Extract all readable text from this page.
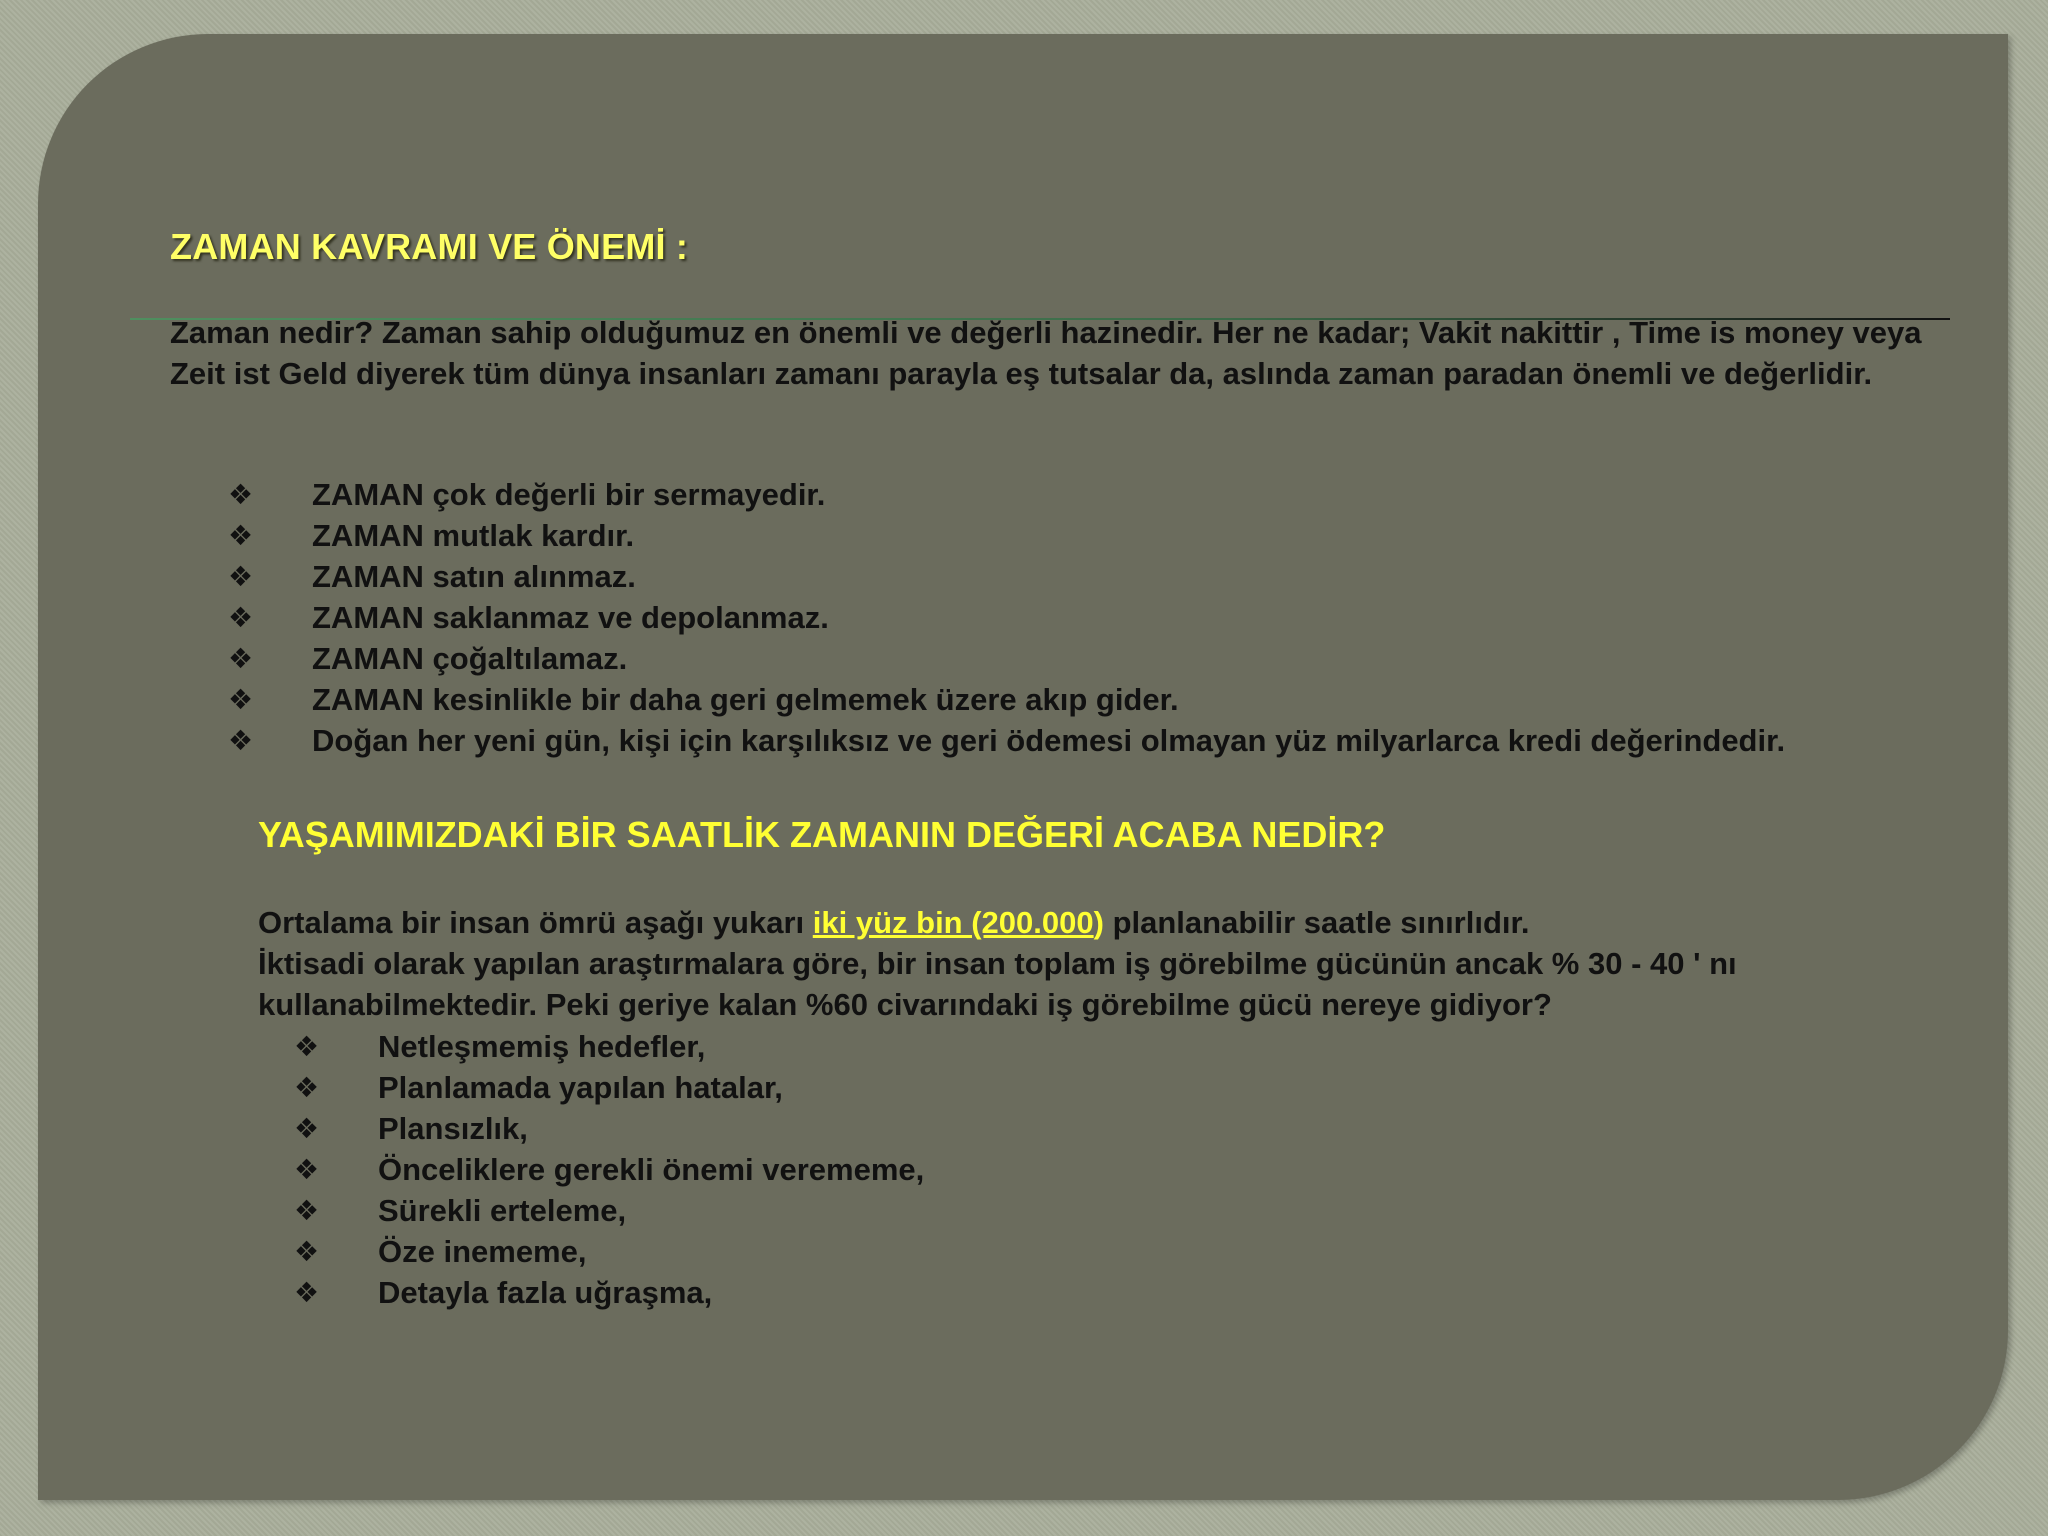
ZAMAN KAVRAMI VE ÖNEMİ :

Zaman nedir? Zaman sahip olduğumuz en önemli ve değerli hazinedir. Her ne kadar; Vakit nakittir , Time is money veya Zeit ist Geld diyerek tüm dünya insanları zamanı parayla eş tutsalar da, aslında zaman paradan önemli ve değerlidir.

❖ ZAMAN çok değerli bir sermayedir.
❖ ZAMAN mutlak kardır.
❖ ZAMAN satın alınmaz.
❖ ZAMAN saklanmaz ve depolanmaz.
❖ ZAMAN çoğaltılamaz.
❖ ZAMAN kesinlikle bir daha geri gelmemek üzere akıp gider.
❖ Doğan her yeni gün, kişi için karşılıksız ve geri ödemesi olmayan yüz milyarlarca kredi değerindedir.
YAŞAMIMIZDAKİ BİR SAATLİK ZAMANIN DEĞERİ ACABA NEDİR?

Ortalama bir insan ömrü aşağı yukarı iki yüz bin (200.000) planlanabilir saatle sınırlıdır.
İktisadi olarak yapılan araştırmalara göre, bir insan toplam iş görebilme gücünün ancak % 30 - 40 ' nı kullanabilmektedir. Peki geriye kalan %60 civarındaki iş görebilme gücü nereye gidiyor?

❖ Netleşmemiş hedefler,
❖ Planlamada yapılan hatalar,
❖ Plansızlık,
❖ Önceliklere gerekli önemi verememe,
❖ Sürekli erteleme,
❖ Öze inememe,
❖ Detayla fazla uğraşma,
